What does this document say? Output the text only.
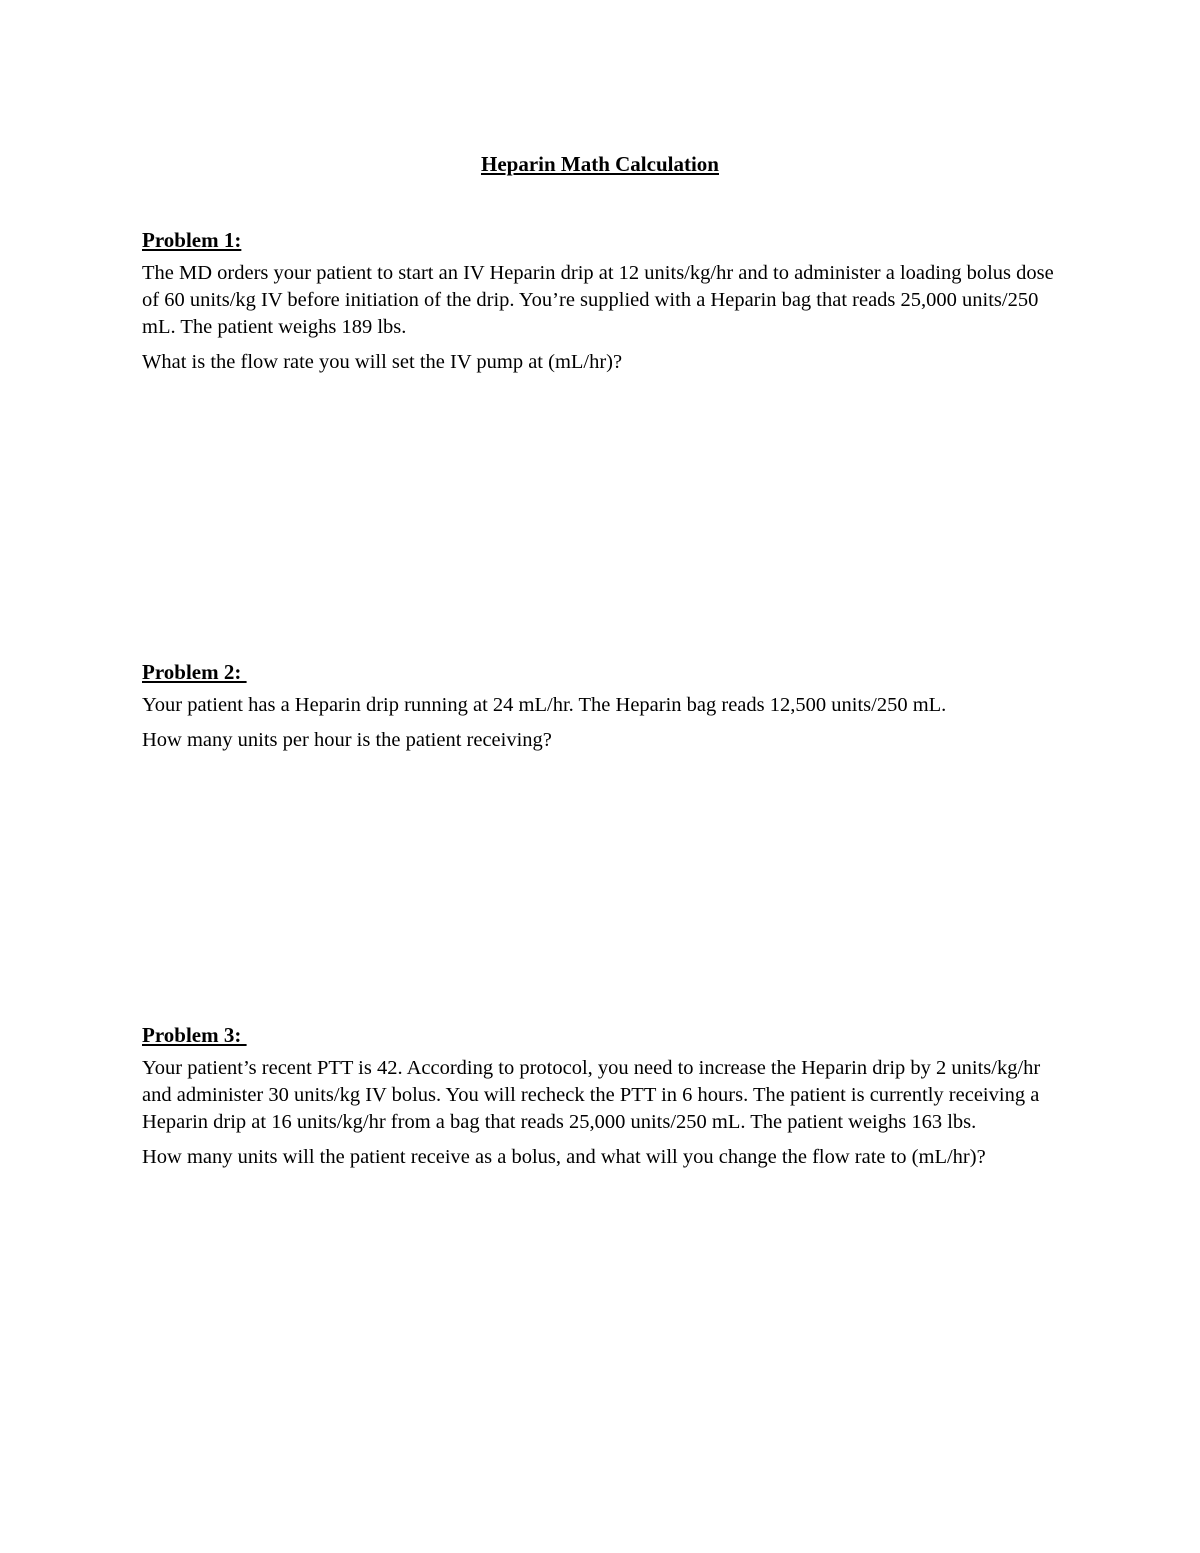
Heparin Math Calculation
Problem 1:

The MD orders your patient to start an IV Heparin drip at 12 units/kg/hr and to administer a loading bolus dose of 60 units/kg IV before initiation of the drip. You’re supplied with a Heparin bag that reads 25,000 units/250 mL. The patient weighs 189 lbs.

What is the flow rate you will set the IV pump at (mL/hr)?

Problem 2:

Your patient has a Heparin drip running at 24 mL/hr. The Heparin bag reads 12,500 units/250 mL.

How many units per hour is the patient receiving?

Problem 3:

Your patient’s recent PTT is 42. According to protocol, you need to increase the Heparin drip by 2 units/kg/hr and administer 30 units/kg IV bolus. You will recheck the PTT in 6 hours. The patient is currently receiving a Heparin drip at 16 units/kg/hr from a bag that reads 25,000 units/250 mL. The patient weighs 163 lbs.

How many units will the patient receive as a bolus, and what will you change the flow rate to (mL/hr)?
